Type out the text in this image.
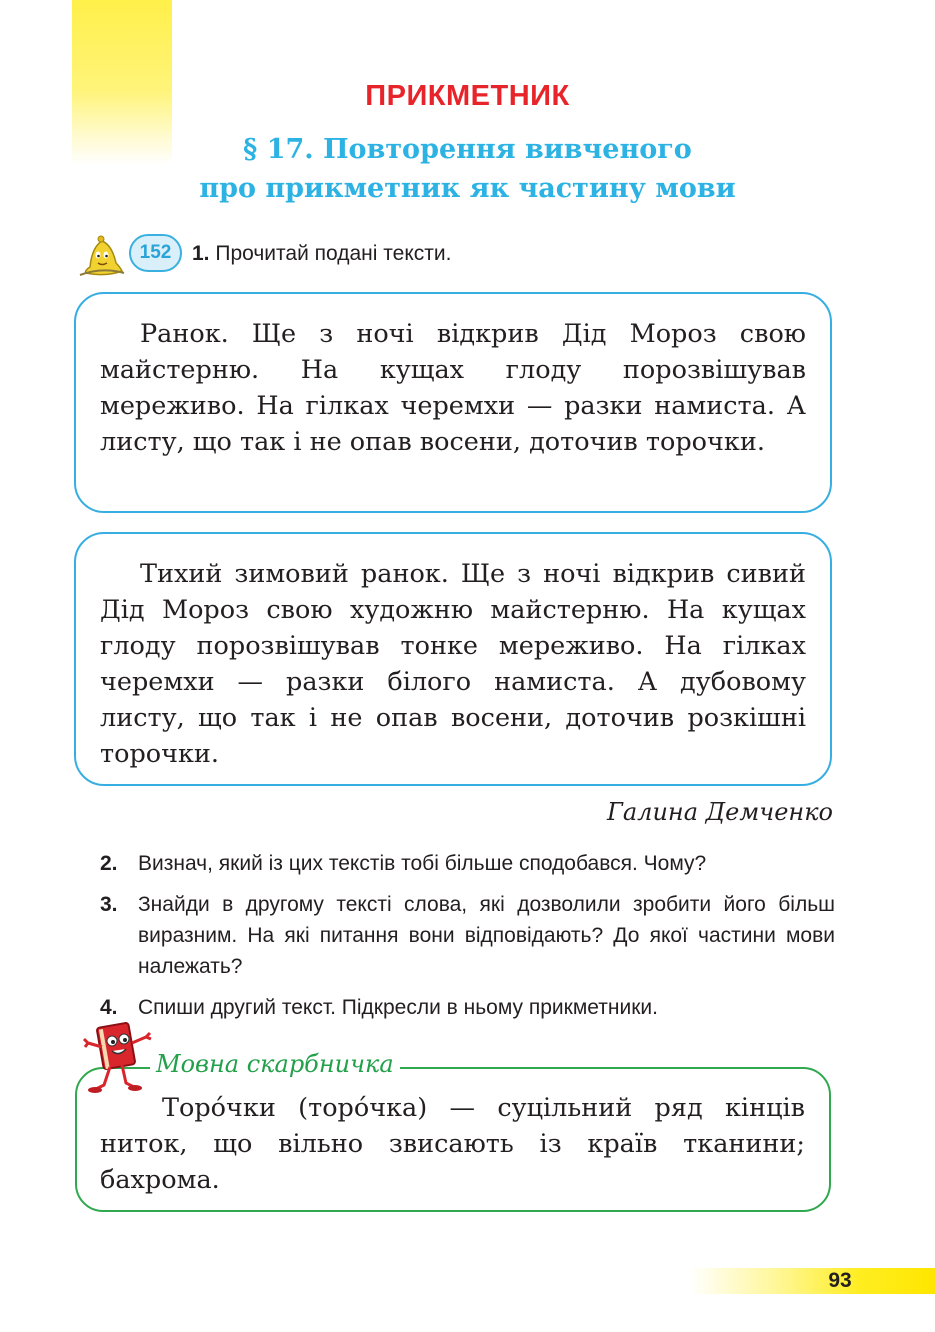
ПРИКМЕТНИК
§ 17. Повторення вивченого
про прикметник як частину мови
152 1. Прочитай подані тексти.

Ранок. Ще з ночі відкрив Дід Мороз свою майстерню. На кущах глоду порозвішував мереживо. На гілках черемхи — разки намиста. А листу, що так і не опав восени, доточив торочки.

Тихий зимовий ранок. Ще з ночі відкрив сивий Дід Мороз свою художню майстерню. На кущах глоду порозвішував тонке мереживо. На гілках черемхи — разки білого намиста. А дубовому листу, що так і не опав восени, доточив розкішні торочки.

Галина Демченко
2. Визнач, який із цих текстів тобі більше сподобався. Чому?
3. Знайди в другому тексті слова, які дозволили зробити його більш виразним. На які питання вони відповідають? До якої частини мови належать?
4. Спиши другий текст. Підкресли в ньому прикметники.
Мовна скарбничка

Торо́чки (торо́чка) — суцільний ряд кінців ниток, що вільно звисають із країв тканини; бахрома.

93
